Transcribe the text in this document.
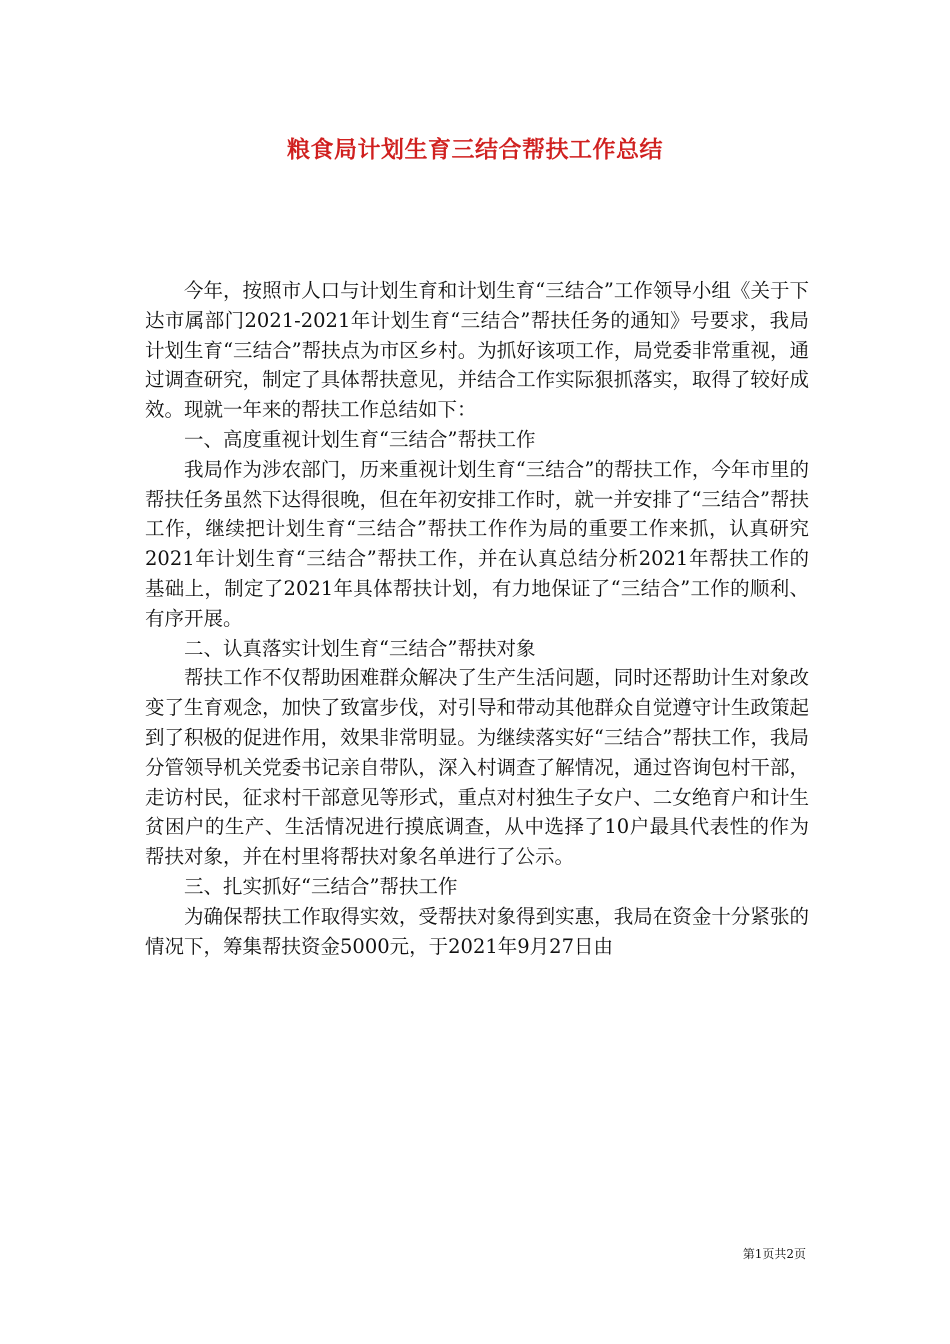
粮食局计划生育三结合帮扶工作总结

今年，按照市人口与计划生育和计划生育“三结合”工作领导小组《关于下达市属部门2021-2021年计划生育“三结合”帮扶任务的通知》号要求，我局计划生育“三结合”帮扶点为市区乡村。为抓好该项工作，局党委非常重视，通过调查研究，制定了具体帮扶意见，并结合工作实际狠抓落实，取得了较好成效。现就一年来的帮扶工作总结如下：

一、高度重视计划生育“三结合”帮扶工作

我局作为涉农部门，历来重视计划生育“三结合”的帮扶工作，今年市里的帮扶任务虽然下达得很晚，但在年初安排工作时，就一并安排了“三结合”帮扶工作，继续把计划生育“三结合”帮扶工作作为局的重要工作来抓，认真研究2021年计划生育“三结合”帮扶工作，并在认真总结分析2021年帮扶工作的基础上，制定了2021年具体帮扶计划，有力地保证了“三结合”工作的顺利、有序开展。

二、认真落实计划生育“三结合”帮扶对象

帮扶工作不仅帮助困难群众解决了生产生活问题，同时还帮助计生对象改变了生育观念，加快了致富步伐，对引导和带动其他群众自觉遵守计生政策起到了积极的促进作用，效果非常明显。为继续落实好“三结合”帮扶工作，我局分管领导机关党委书记亲自带队，深入村调查了解情况，通过咨询包村干部，走访村民，征求村干部意见等形式，重点对村独生子女户、二女绝育户和计生贫困户的生产、生活情况进行摸底调查，从中选择了10户最具代表性的作为帮扶对象，并在村里将帮扶对象名单进行了公示。

三、扎实抓好“三结合”帮扶工作

为确保帮扶工作取得实效，受帮扶对象得到实惠，我局在资金十分紧张的情况下，筹集帮扶资金5000元，于2021年9月27日由

第1页共2页
